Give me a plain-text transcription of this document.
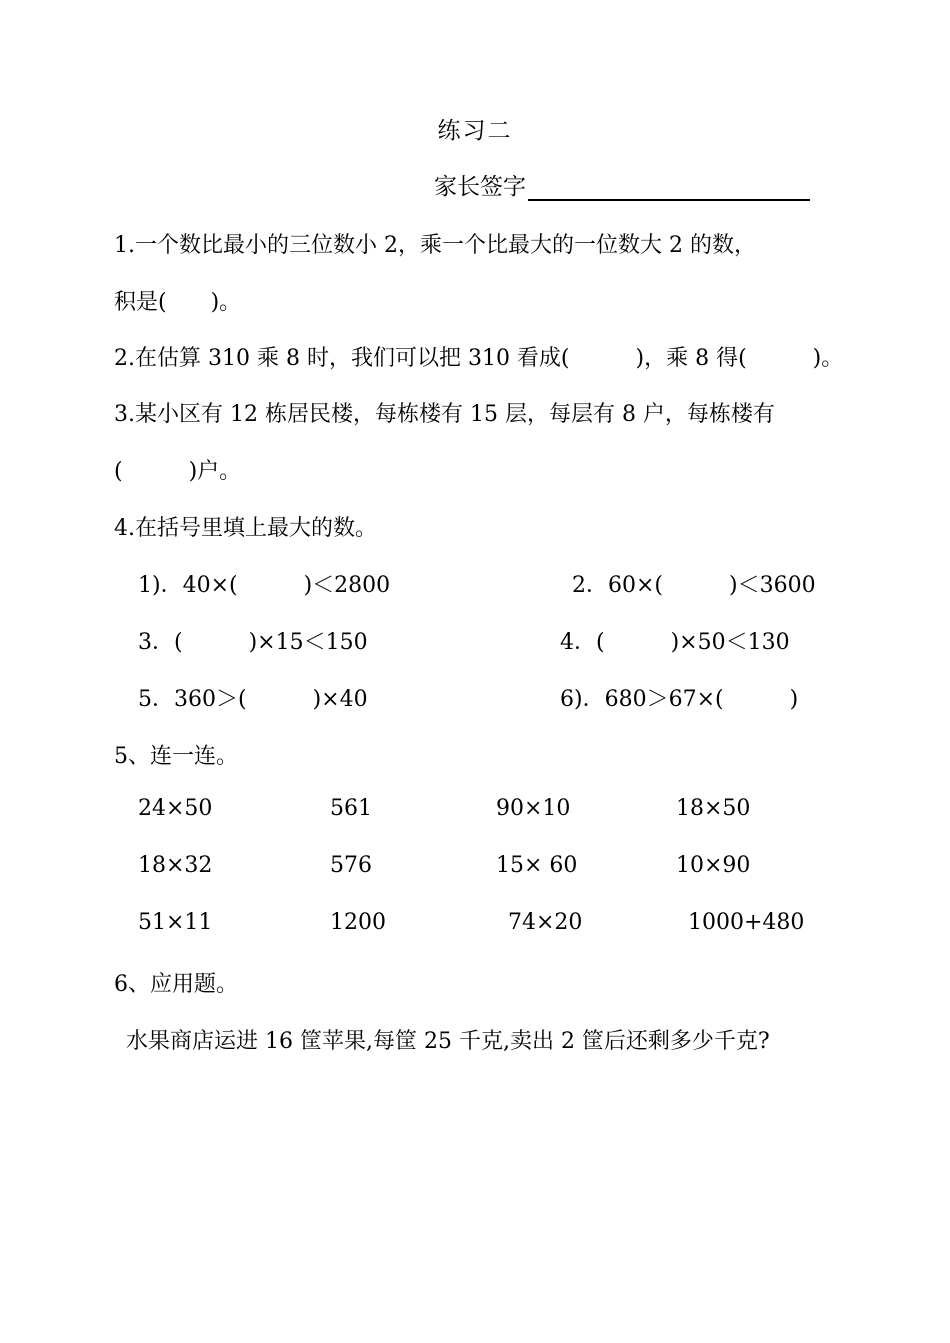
练习二
家长签字
1.一个数比最小的三位数小 2，乘一个比最大的一位数大 2 的数，
积是(　　)。
2.在估算 310 乘 8 时，我们可以把 310 看成(　　　)，乘 8 得(　　　)。
3.某小区有 12 栋居民楼，每栋楼有 15 层，每层有 8 户，每栋楼有
(　　　)户。
4.在括号里填上最大的数。
1)．40×(　　　)＜2800	2．60×(　　　)＜3600
3．(　　　)×15＜150	4．(　　　)×50＜130
5．360＞(　　　)×40	6)．680＞67×(　　　)
5、连一连。
24×50	561	90×10	18×50
18×32	576	15× 60	10×90
51×11	1200	74×20	1000+480
6、应用题。
水果商店运进 16 筐苹果,每筐 25 千克,卖出 2 筐后还剩多少千克?
